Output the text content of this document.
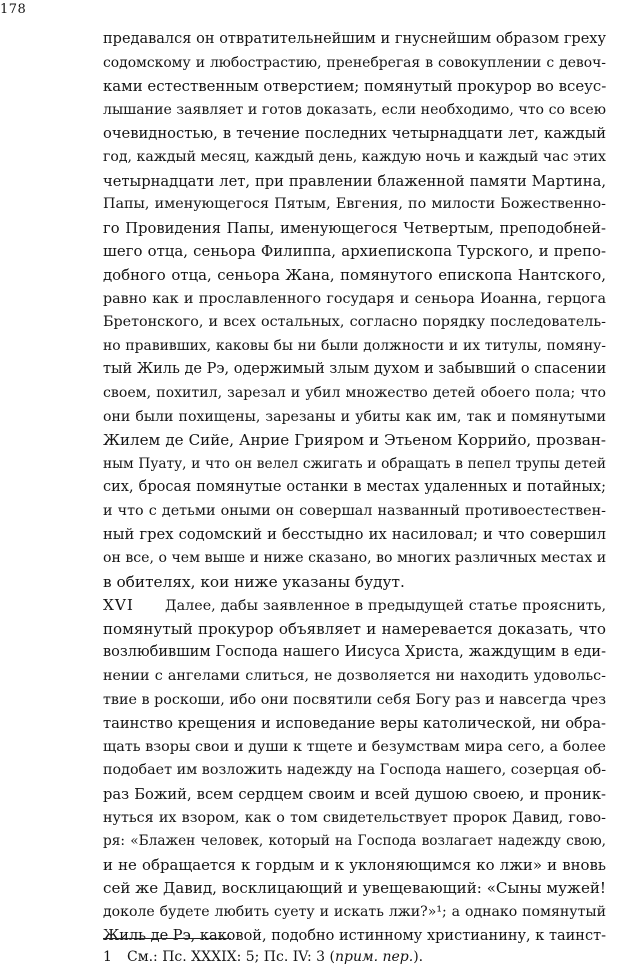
178
предавался он отвратительнейшим и гнуснейшим образом греху
содомскому и любострастию, пренебрегая в совокуплении с девоч-
ками естественным отверстием; помянутый прокурор во всеус-
лышание заявляет и готов доказать, если необходимо, что со всею
очевидностью, в течение последних четырнадцати лет, каждый
год, каждый месяц, каждый день, каждую ночь и каждый час этих
четырнадцати лет, при правлении блаженной памяти Мартина,
Папы, именующегося Пятым, Евгения, по милости Божественно-
го Провидения Папы, именующегося Четвертым, преподобней-
шего отца, сеньора Филиппа, архиепископа Турского, и препо-
добного отца, сеньора Жана, помянутого епископа Нантского,
равно как и прославленного государя и сеньора Иоанна, герцога
Бретонского, и всех остальных, согласно порядку последователь-
но правивших, каковы бы ни были должности и их титулы, помяну-
тый Жиль де Рэ, одержимый злым духом и забывший о спасении
своем, похитил, зарезал и убил множество детей обоего пола; что
они были похищены, зарезаны и убиты как им, так и помянутыми
Жилем де Сийе, Анрие Грияром и Этьеном Коррийо, прозван-
ным Пуату, и что он велел сжигать и обращать в пепел трупы детей
сих, бросая помянутые останки в местах удаленных и потайных;
и что с детьми оными он совершал названный противоестествен-
ный грех содомский и бесстыдно их насиловал; и что совершил
он все, о чем выше и ниже сказано, во многих различных местах и
в обителях, кои ниже указаны будут.
XVI Далее, дабы заявленное в предыдущей статье прояснить,
помянутый прокурор объявляет и намеревается доказать, что
возлюбившим Господа нашего Иисуса Христа, жаждущим в еди-
нении с ангелами слиться, не дозволяется ни находить удовольс-
твие в роскоши, ибо они посвятили себя Богу раз и навсегда чрез
таинство крещения и исповедание веры католической, ни обра-
щать взоры свои и души к тщете и безумствам мира сего, а более
подобает им возложить надежду на Господа нашего, созерцая об-
раз Божий, всем сердцем своим и всей душою своею, и проник-
нуться их взором, как о том свидетельствует пророк Давид, гово-
ря: «Блажен человек, который на Господа возлагает надежду свою,
и не обращается к гордым и к уклоняющимся ко лжи» и вновь
сей же Давид, восклицающий и увещевающий: «Сыны мужей!
доколе будете любить суету и искать лжи?»¹; а однако помянутый
Жиль де Рэ, каковой, подобно истинному христианину, к таинст-
1 См.: Пс. XXXIX: 5; Пс. IV: 3 (прим. пер.).
